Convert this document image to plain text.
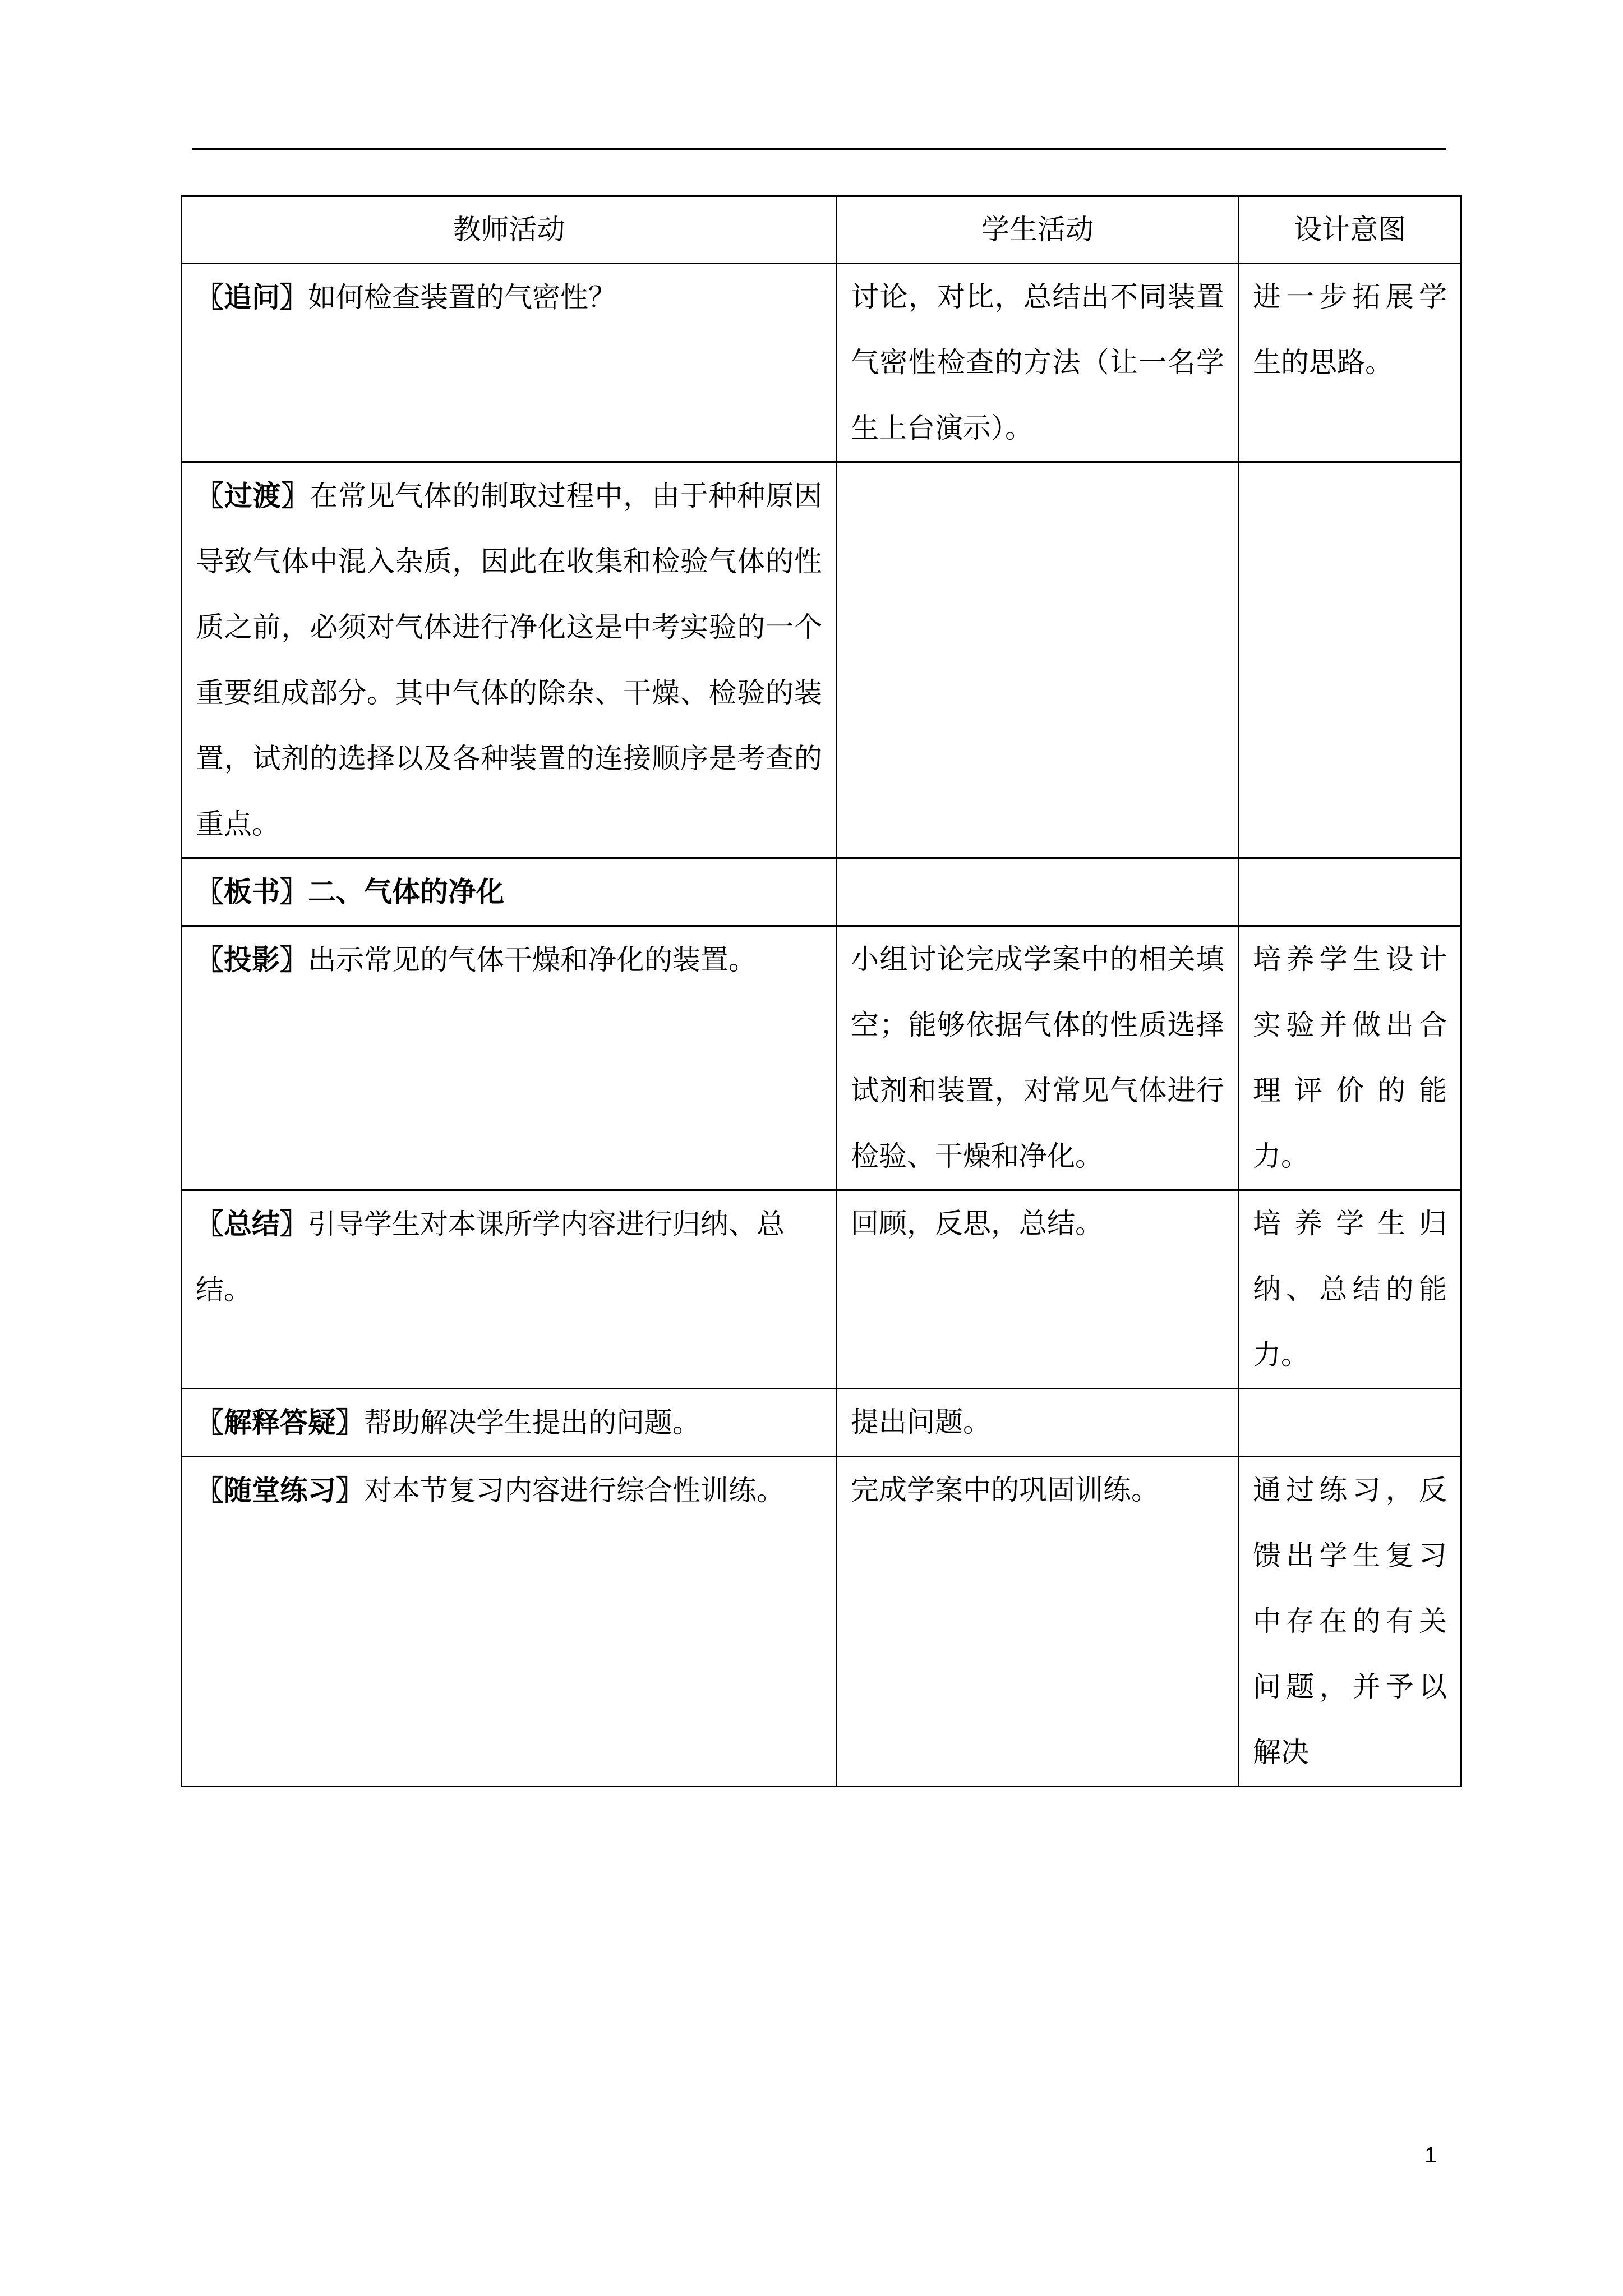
教师活动	学生活动	设计意图
〖追问〗如何检查装置的气密性？	讨论，对比，总结出不同装置气密性检查的方法（让一名学生上台演示）。	进一步拓展学生的思路。
〖过渡〗在常见气体的制取过程中，由于种种原因导致气体中混入杂质，因此在收集和检验气体的性质之前，必须对气体进行净化这是中考实验的一个重要组成部分。其中气体的除杂、干燥、检验的装置，试剂的选择以及各种装置的连接顺序是考查的重点。		
〖板书〗二、气体的净化		
〖投影〗出示常见的气体干燥和净化的装置。	小组讨论完成学案中的相关填空；能够依据气体的性质选择试剂和装置，对常见气体进行检验、干燥和净化。	培养学生设计实验并做出合理评价的能力。
〖总结〗引导学生对本课所学内容进行归纳、总结。	回顾，反思，总结。	培养学生归纳、总结的能力。
〖解释答疑〗帮助解决学生提出的问题。	提出问题。	
〖随堂练习〗对本节复习内容进行综合性训练。	完成学案中的巩固训练。	通过练习，反馈出学生复习中存在的有关问题，并予以解决
1
